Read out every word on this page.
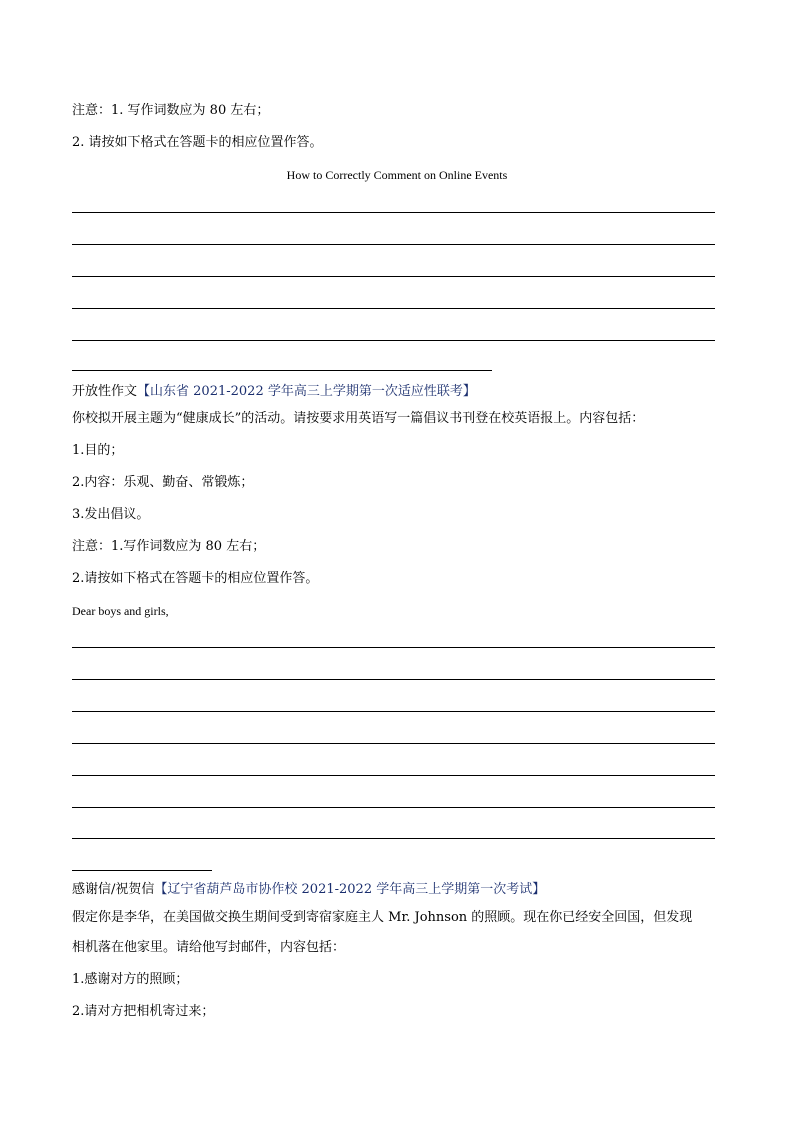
注意：1. 写作词数应为 80 左右；
2. 请按如下格式在答题卡的相应位置作答。
How to Correctly Comment on Online Events
开放性作文【山东省 2021-2022 学年高三上学期第一次适应性联考】
你校拟开展主题为“健康成长”的活动。请按要求用英语写一篇倡议书刊登在校英语报上。内容包括：
1.目的；
2.内容：乐观、勤奋、常锻炼；
3.发出倡议。
注意：1.写作词数应为 80 左右；
2.请按如下格式在答题卡的相应位置作答。
Dear boys and girls,
感谢信/祝贺信【辽宁省葫芦岛市协作校 2021-2022 学年高三上学期第一次考试】
假定你是李华，在美国做交换生期间受到寄宿家庭主人 Mr. Johnson 的照顾。现在你已经安全回国，但发现
相机落在他家里。请给他写封邮件，内容包括：
1.感谢对方的照顾；
2.请对方把相机寄过来；
